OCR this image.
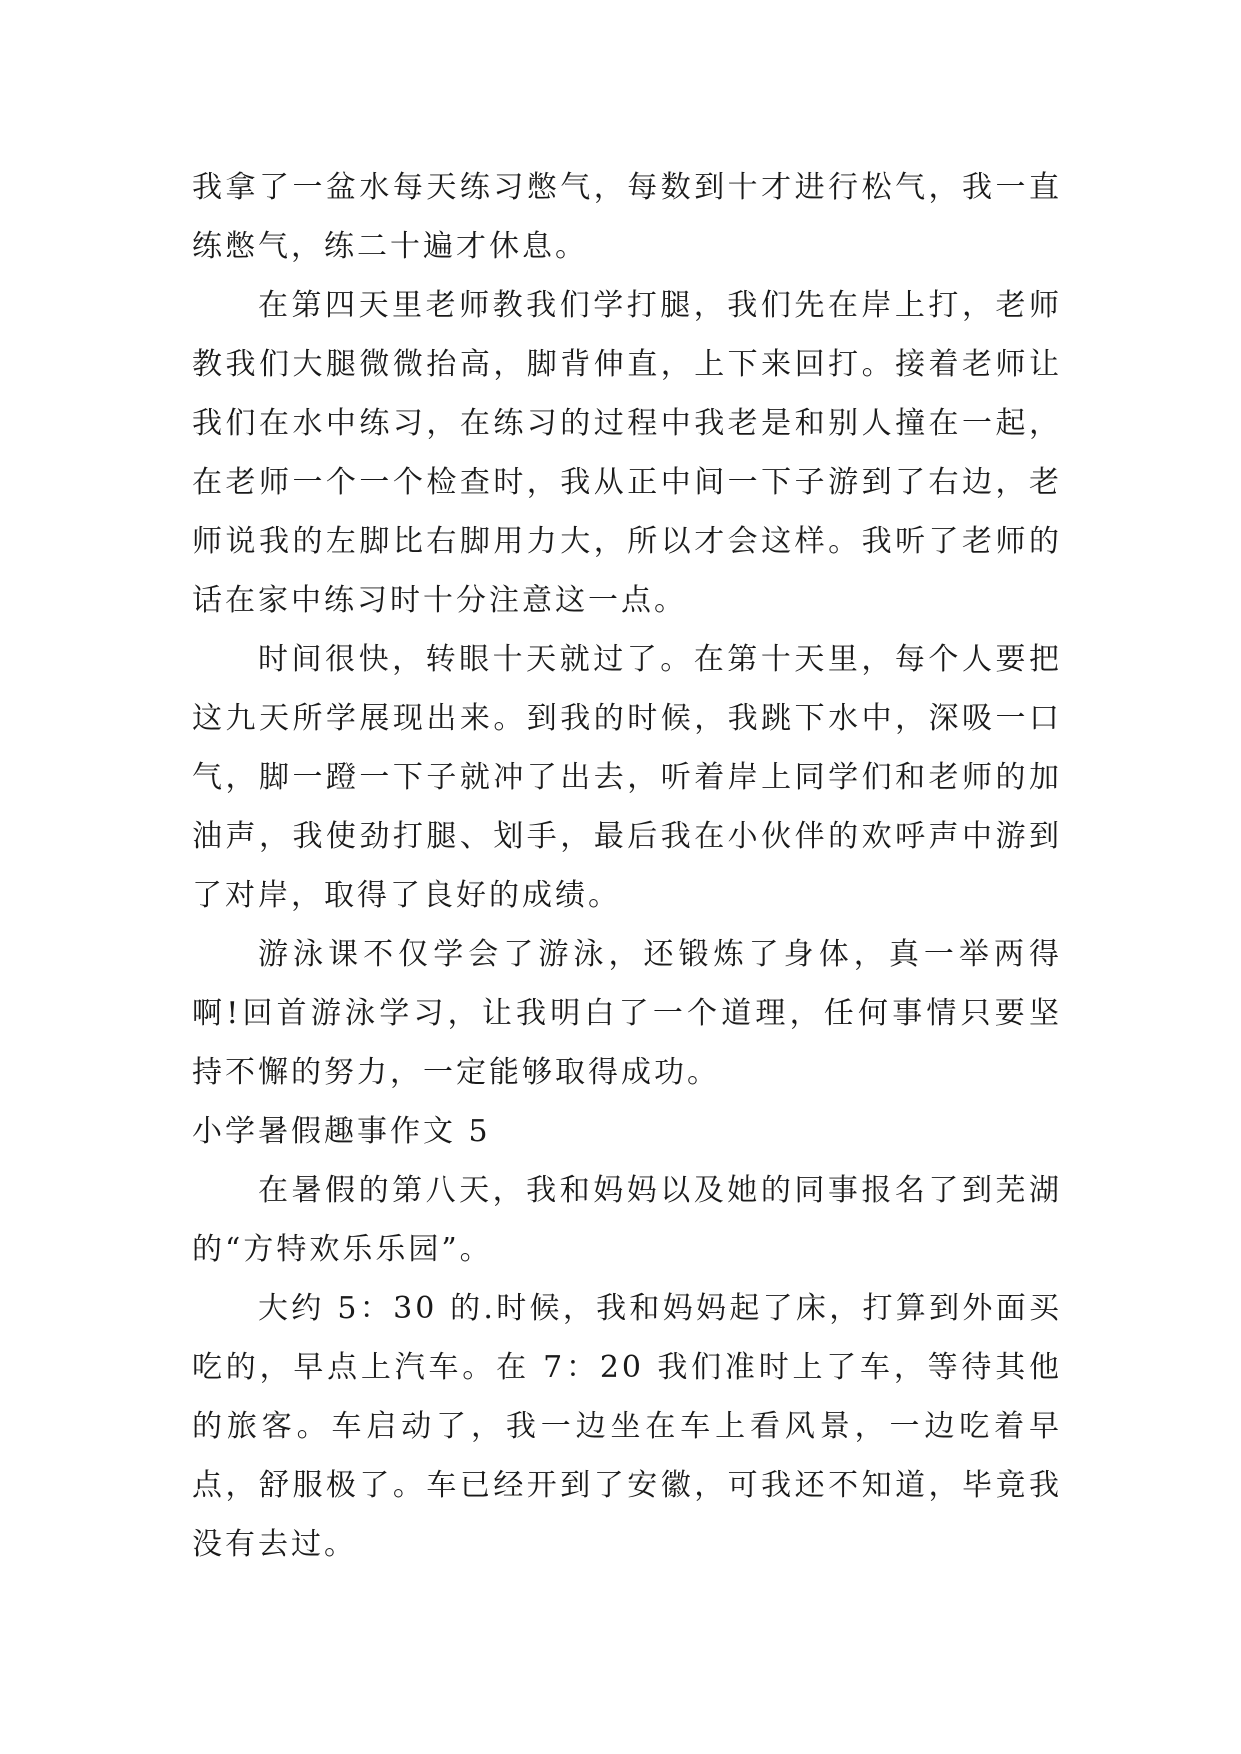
我拿了一盆水每天练习憋气，每数到十才进行松气，我一直练憋气，练二十遍才休息。

在第四天里老师教我们学打腿，我们先在岸上打，老师教我们大腿微微抬高，脚背伸直，上下来回打。接着老师让我们在水中练习，在练习的过程中我老是和别人撞在一起，在老师一个一个检查时，我从正中间一下子游到了右边，老师说我的左脚比右脚用力大，所以才会这样。我听了老师的话在家中练习时十分注意这一点。

时间很快，转眼十天就过了。在第十天里，每个人要把这九天所学展现出来。到我的时候，我跳下水中，深吸一口气，脚一蹬一下子就冲了出去，听着岸上同学们和老师的加油声，我使劲打腿、划手，最后我在小伙伴的欢呼声中游到了对岸，取得了良好的成绩。

游泳课不仅学会了游泳，还锻炼了身体，真一举两得啊!回首游泳学习，让我明白了一个道理，任何事情只要坚持不懈的努力，一定能够取得成功。

小学暑假趣事作文 5

在暑假的第八天，我和妈妈以及她的同事报名了到芜湖的“方特欢乐乐园”。

大约 5：30 的.时候，我和妈妈起了床，打算到外面买吃的，早点上汽车。在 7：20 我们准时上了车，等待其他的旅客。车启动了，我一边坐在车上看风景，一边吃着早点，舒服极了。车已经开到了安徽，可我还不知道，毕竟我没有去过。
